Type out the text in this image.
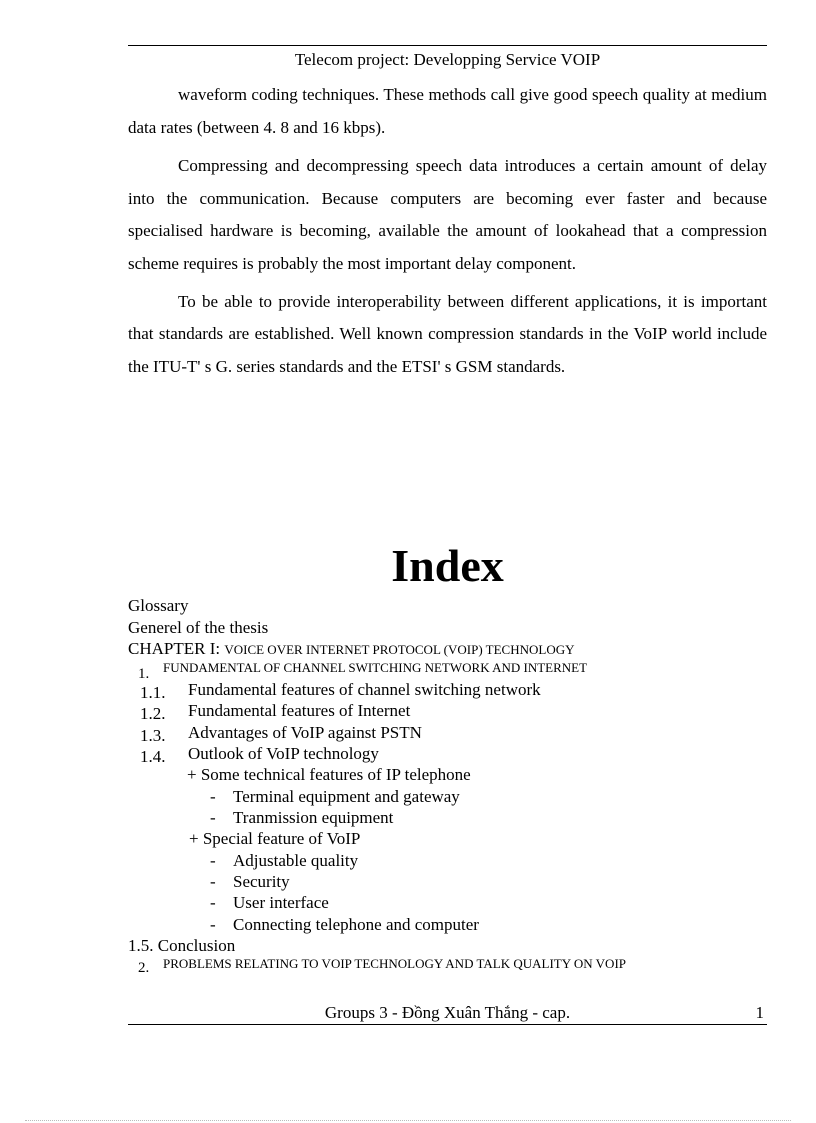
Telecom project: Developping Service VOIP

waveform coding techniques. These methods call give good speech quality at medium data rates (between 4. 8 and 16 kbps).

Compressing and decompressing speech data introduces a certain amount of delay into the communication. Because computers are becoming ever faster and because specialised hardware is becoming, available the amount of lookahead that a compression scheme requires is probably the most important delay component.

To be able to provide interoperability between different applications, it is important that standards are established. Well known compression standards in the VoIP world include the ITU-T' s G. series standards and the ETSI' s GSM standards.

Index
Glossary
Generel of the thesis
CHAPTER I: VOICE OVER INTERNET PROTOCOL (VOIP) TECHNOLOGY
1. FUNDAMENTAL OF CHANNEL SWITCHING NETWORK AND INTERNET
1.1. Fundamental features of channel switching network
1.2. Fundamental features of Internet
1.3. Advantages of VoIP against PSTN
1.4. Outlook of VoIP technology
+ Some technical features of IP telephone
- Terminal equipment and gateway
- Tranmission equipment
+ Special feature of VoIP
- Adjustable quality
- Security
- User interface
- Connecting telephone and computer
1.5. Conclusion
2. PROBLEMS RELATING TO VOIP TECHNOLOGY AND TALK QUALITY ON VOIP
Groups 3 - Đồng Xuân Thắng - cap.	1
